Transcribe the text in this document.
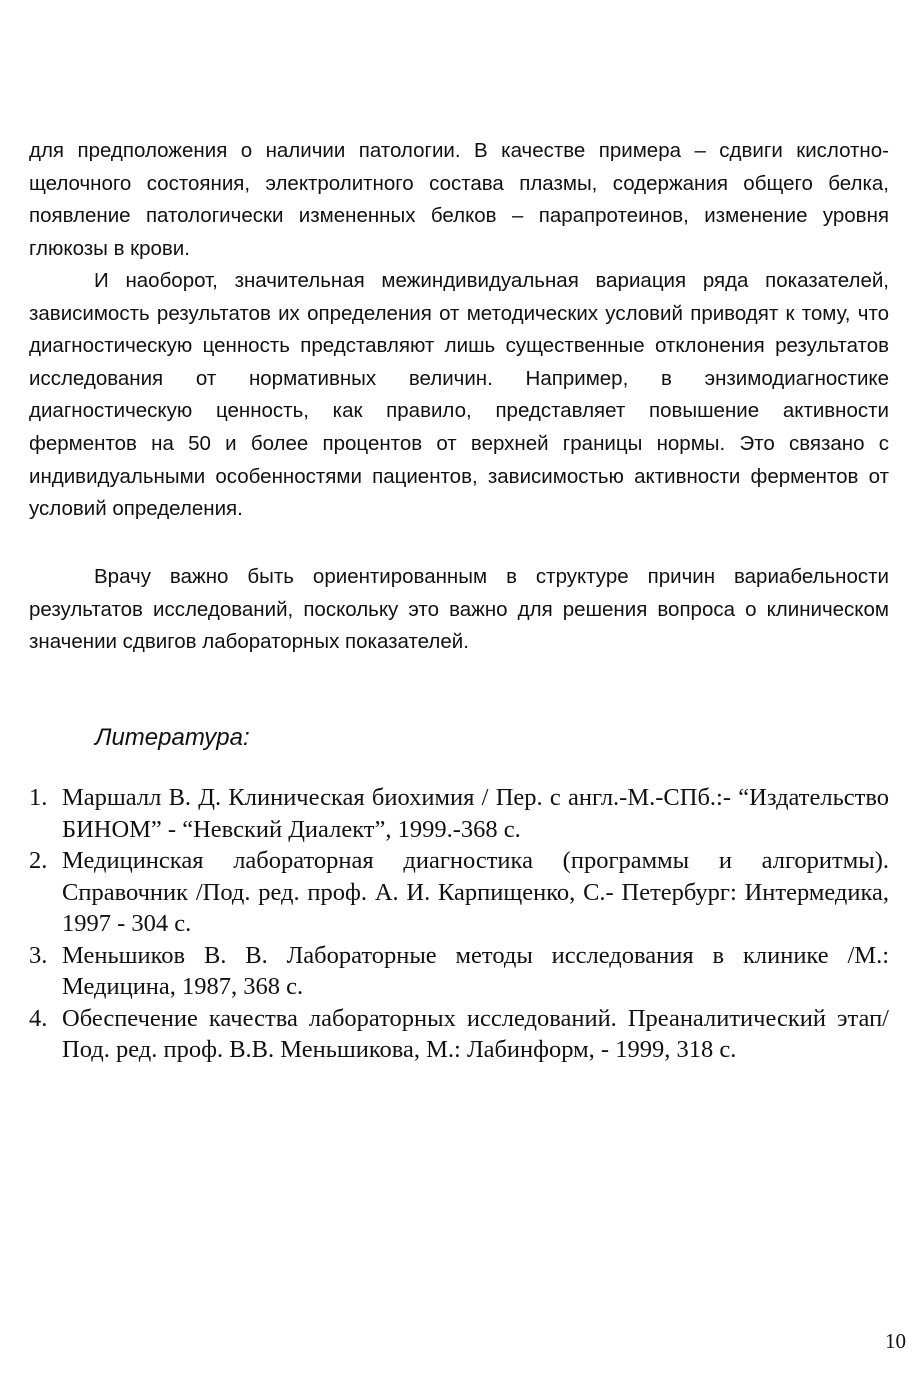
для предположения о наличии патологии. В качестве примера – сдвиги кислотно-щелочного состояния, электролитного состава плазмы, содержания общего белка, появление патологически измененных белков – парапротеинов, изменение уровня глюкозы в крови.

И наоборот, значительная межиндивидуальная вариация ряда показателей, зависимость результатов их определения от методических условий приводят к тому, что диагностическую ценность представляют лишь существенные отклонения результатов исследования от нормативных величин. Например, в энзимодиагностике диагностическую ценность, как правило, представляет повышение активности ферментов на 50 и более процентов от верхней границы нормы. Это связано с индивидуальными особенностями пациентов, зависимостью активности ферментов от условий определения.

Врачу важно быть ориентированным в структуре причин вариабельности результатов исследований, поскольку это важно для решения вопроса о клиническом значении сдвигов лабораторных показателей.

Литература:
1. Маршалл В. Д. Клиническая биохимия / Пер. с англ.-М.-СПб.:- “Издательство БИНОМ” - “Невский Диалект”, 1999.-368 с.
2. Медицинская лабораторная диагностика (программы и алгоритмы). Справочник /Под. ред. проф. А. И. Карпищенко, С.- Петербург: Интермедика, 1997 - 304 с.
3. Меньшиков В. В. Лабораторные методы исследования в клинике /М.: Медицина, 1987, 368 с.
4. Обеспечение качества лабораторных исследований. Преаналитический этап/Под. ред. проф. В.В. Меньшикова, М.: Лабинформ, - 1999, 318 с.
10
